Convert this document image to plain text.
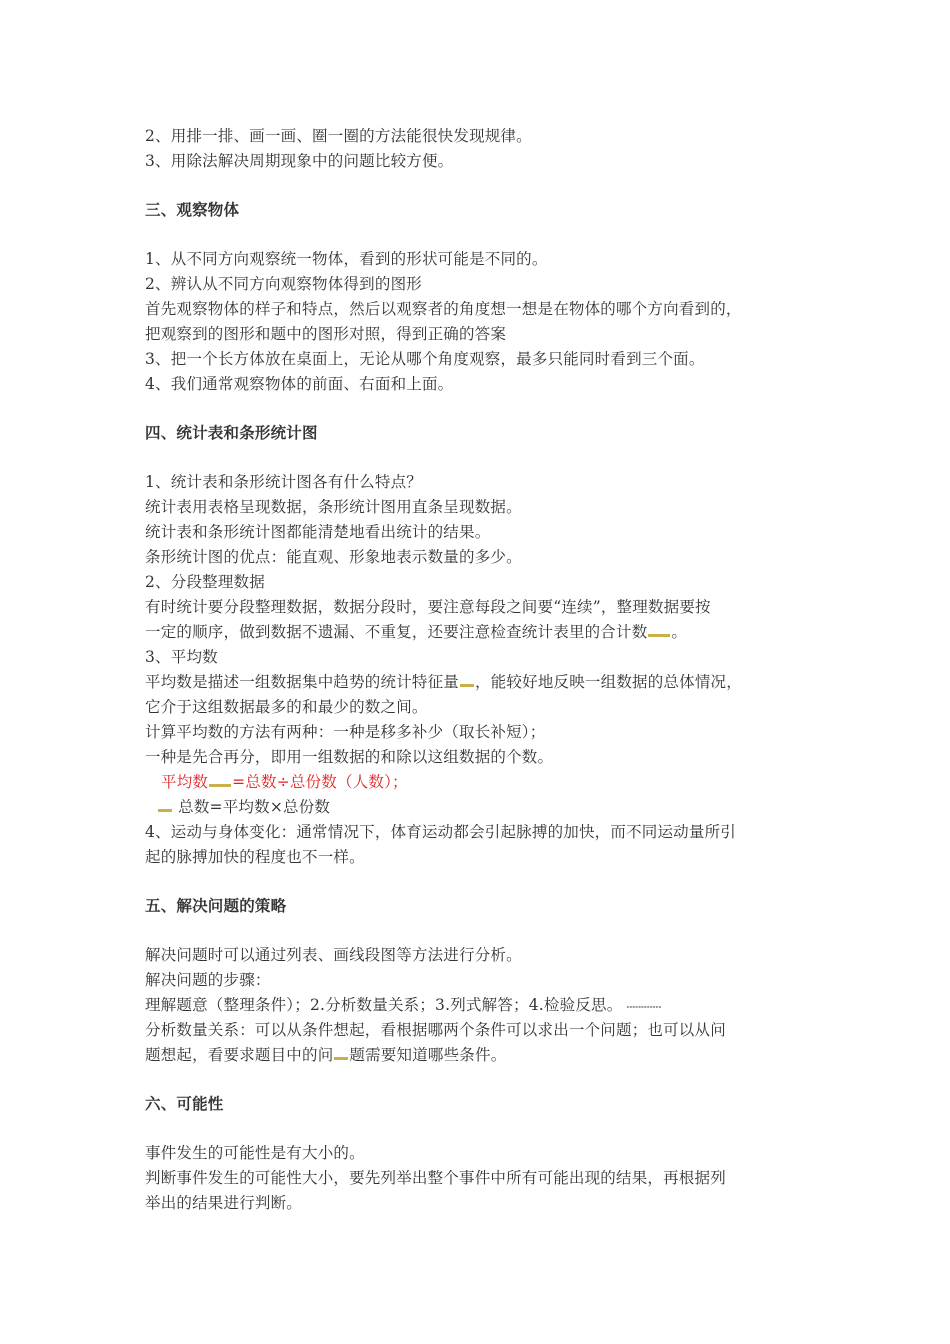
2、用排一排、画一画、圈一圈的方法能很快发现规律。
3、用除法解决周期现象中的问题比较方便。
三、观察物体
1、从不同方向观察统一物体，看到的形状可能是不同的。
2、辨认从不同方向观察物体得到的图形
首先观察物体的样子和特点，然后以观察者的角度想一想是在物体的哪个方向看到的，
把观察到的图形和题中的图形对照，得到正确的答案
3、把一个长方体放在桌面上，无论从哪个角度观察，最多只能同时看到三个面。
4、我们通常观察物体的前面、右面和上面。
四、统计表和条形统计图
1、统计表和条形统计图各有什么特点？
统计表用表格呈现数据，条形统计图用直条呈现数据。
统计表和条形统计图都能清楚地看出统计的结果。
条形统计图的优点：能直观、形象地表示数量的多少。
2、分段整理数据
有时统计要分段整理数据，数据分段时，要注意每段之间要“连续”，整理数据要按
一定的顺序，做到数据不遗漏、不重复，还要注意检查统计表里的合计数 。
3、平均数
平均数是描述一组数据集中趋势的统计特征量 ，能较好地反映一组数据的总体情况，
它介于这组数据最多的和最少的数之间。
计算平均数的方法有两种：一种是移多补少（取长补短）；
一种是先合再分，即用一组数据的和除以这组数据的个数。
平均数 =总数÷总份数（人数）；
总数=平均数×总份数
4、运动与身体变化：通常情况下，体育运动都会引起脉搏的加快，而不同运动量所引
起的脉搏加快的程度也不一样。
五、解决问题的策略
解决问题时可以通过列表、画线段图等方法进行分析。
解决问题的步骤：
理解题意（整理条件）；2.分析数量关系；3.列式解答；4.检验反思。 ▪▪▪▪▪▪▪▪▪▪▪▪
分析数量关系：可以从条件想起，看根据哪两个条件可以求出一个问题；也可以从问
题想起，看要求题目中的问 题需要知道哪些条件。
六、可能性
事件发生的可能性是有大小的。
判断事件发生的可能性大小，要先列举出整个事件中所有可能出现的结果，再根据列
举出的结果进行判断。
